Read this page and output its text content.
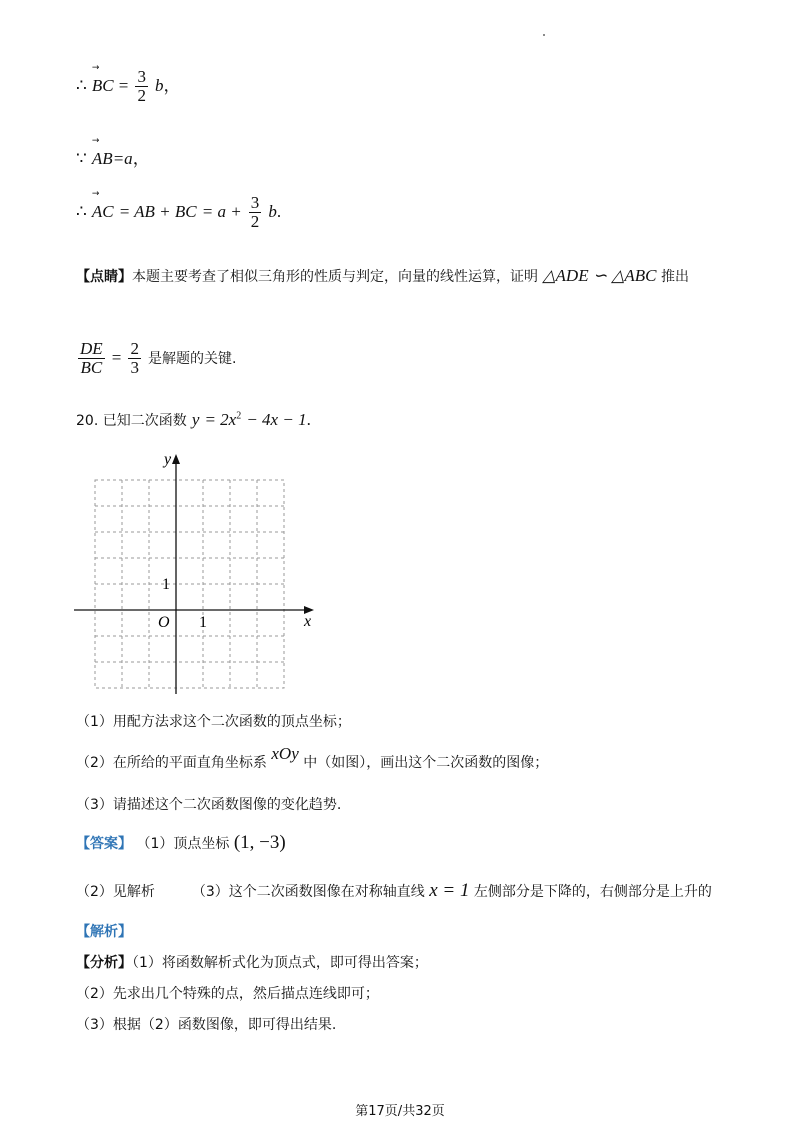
∴
→
BC = $\frac{3}{2}$ b，
∵
→
AB=a，
∴
→
AC = AB + BC = $a + \frac{3}{2} b$.
【点睛】本题主要考查了相似三角形的性质与判定，向量的线性运算，证明 △ADE ∽ △ABC 推出
$\frac{DE}{BC} = \frac{2}{3}$ 是解题的关键.
20. 已知二次函数 $y = 2x^2 - 4x - 1$.
y
x
O 1
1
（1）用配方法求这个二次函数的顶点坐标；
（2）在所给的平面直角坐标系 xOy 中（如图），画出这个二次函数的图像；
（3）请描述这个二次函数图像的变化趋势.
【答案】 （1）顶点坐标 (1, −3)
（2）见解析	（3）这个二次函数图像在对称轴直线 x = 1 左侧部分是下降的，右侧部分是上升的
【解析】
【分析】（1）将函数解析式化为顶点式，即可得出答案；
（2）先求出几个特殊的点，然后描点连线即可；
（3）根据（2）函数图像，即可得出结果.
第17页/共32页
